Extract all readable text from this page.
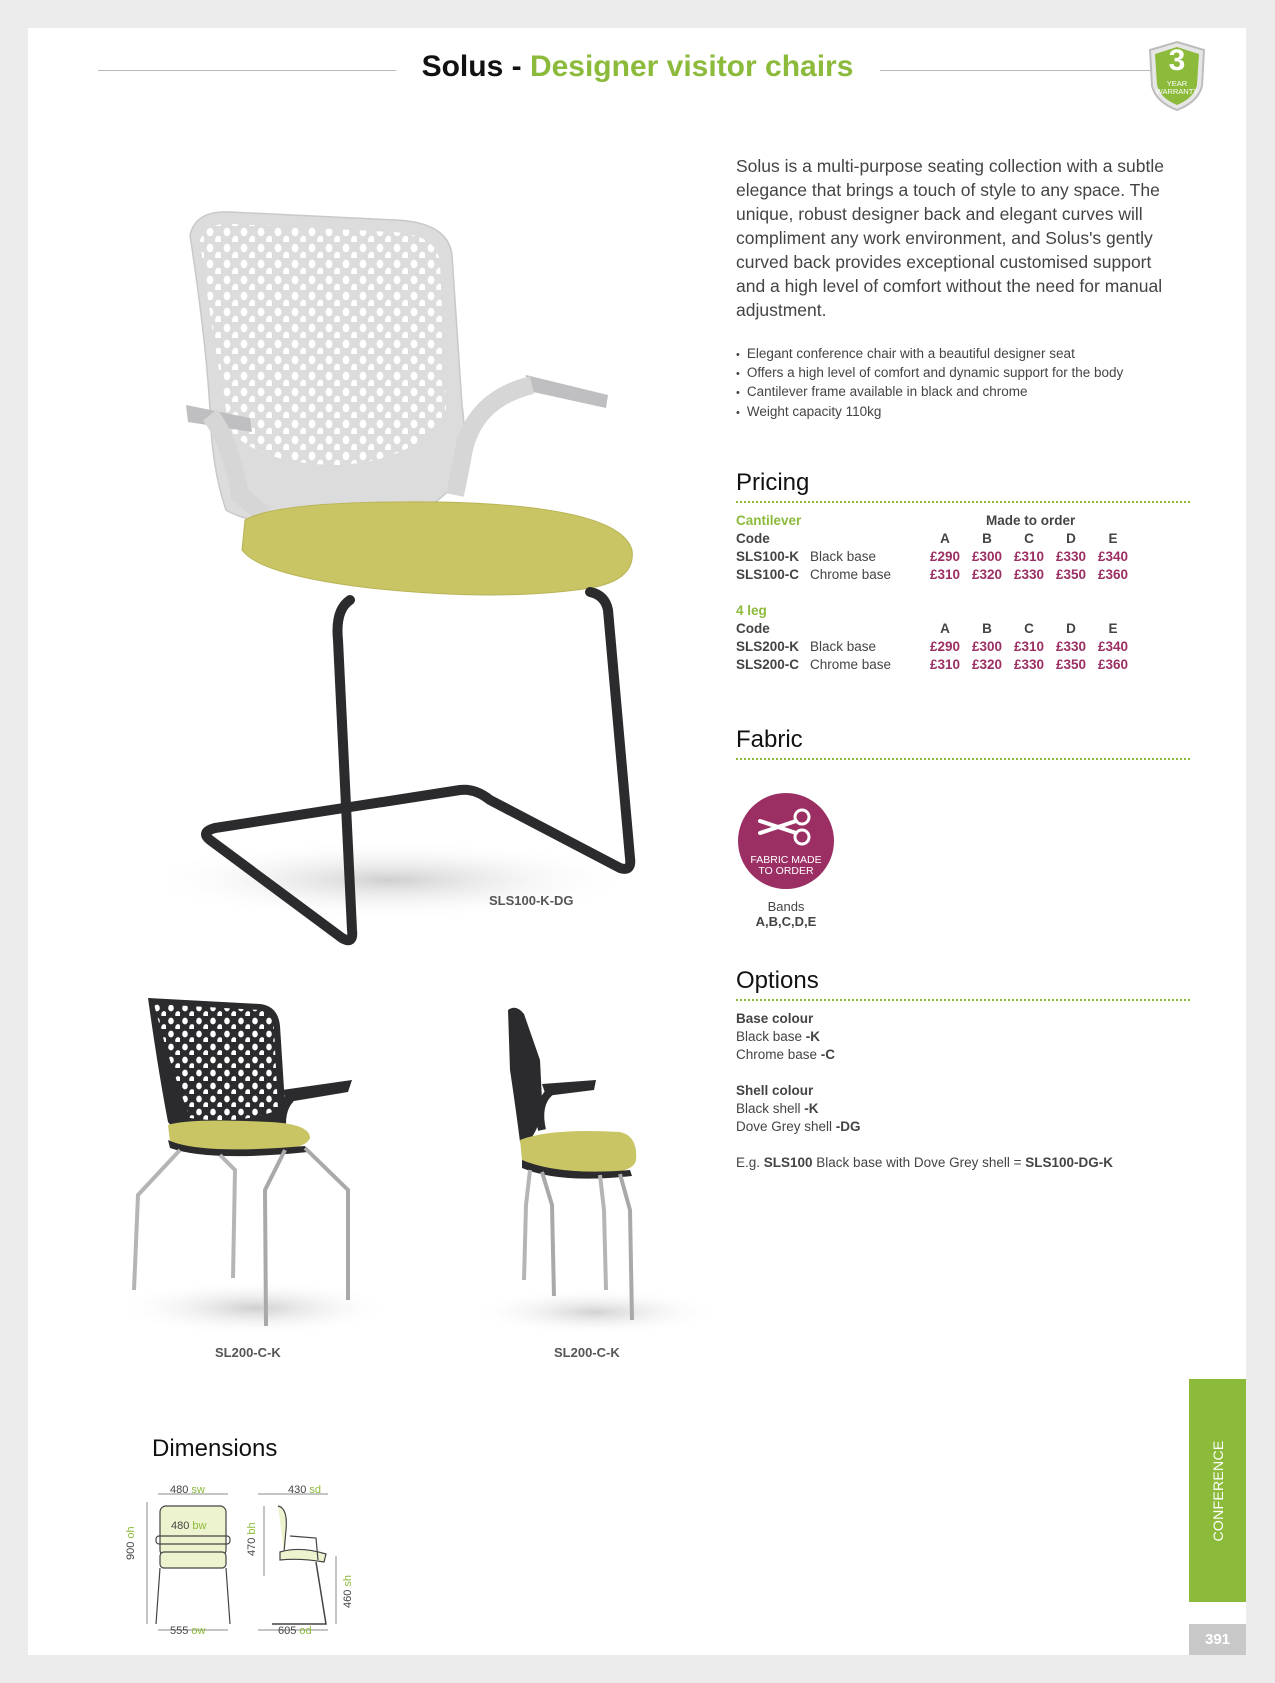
Solus - Designer visitor chairs	3
YEAR
WARRANTY
SLS100-K-DG
SL200-C-K	SL200-C-K
Solus is a multi-purpose seating collection with a subtle elegance that brings a touch of style to any space. The unique, robust designer back and elegant curves will compliment any work environment, and Solus's gently curved back provides exceptional customised support and a high level of comfort without the need for manual adjustment.
• Elegant conference chair with a beautiful designer seat
• Offers a high level of comfort and dynamic support for the body
• Cantilever frame available in black and chrome
• Weight capacity 110kg
Pricing
Cantilever	Made to order
Code	A	B	C	D	E
SLS100-K Black base	£290 £300 £310 £330 £340
SLS100-C Chrome base	£310 £320 £330 £350 £360
4 leg
Code	A	B	C	D	E
SLS200-K Black base	£290 £300 £310 £330 £340
SLS200-C Chrome base	£310 £320 £330 £350 £360
Fabric
FABRIC MADE
TO ORDER
Bands
A,B,C,D,E
Options
Base colour
Black base -K
Chrome base -C
Shell colour
Black shell -K
Dove Grey shell -DG
E.g. SLS100 Black base with Dove Grey shell = SLS100-DG-K
Dimensions
480 sw
480 bw
555 ow
900 oh
430 sd
470 bh
460 sh
605 od
CONFERENCE
391
